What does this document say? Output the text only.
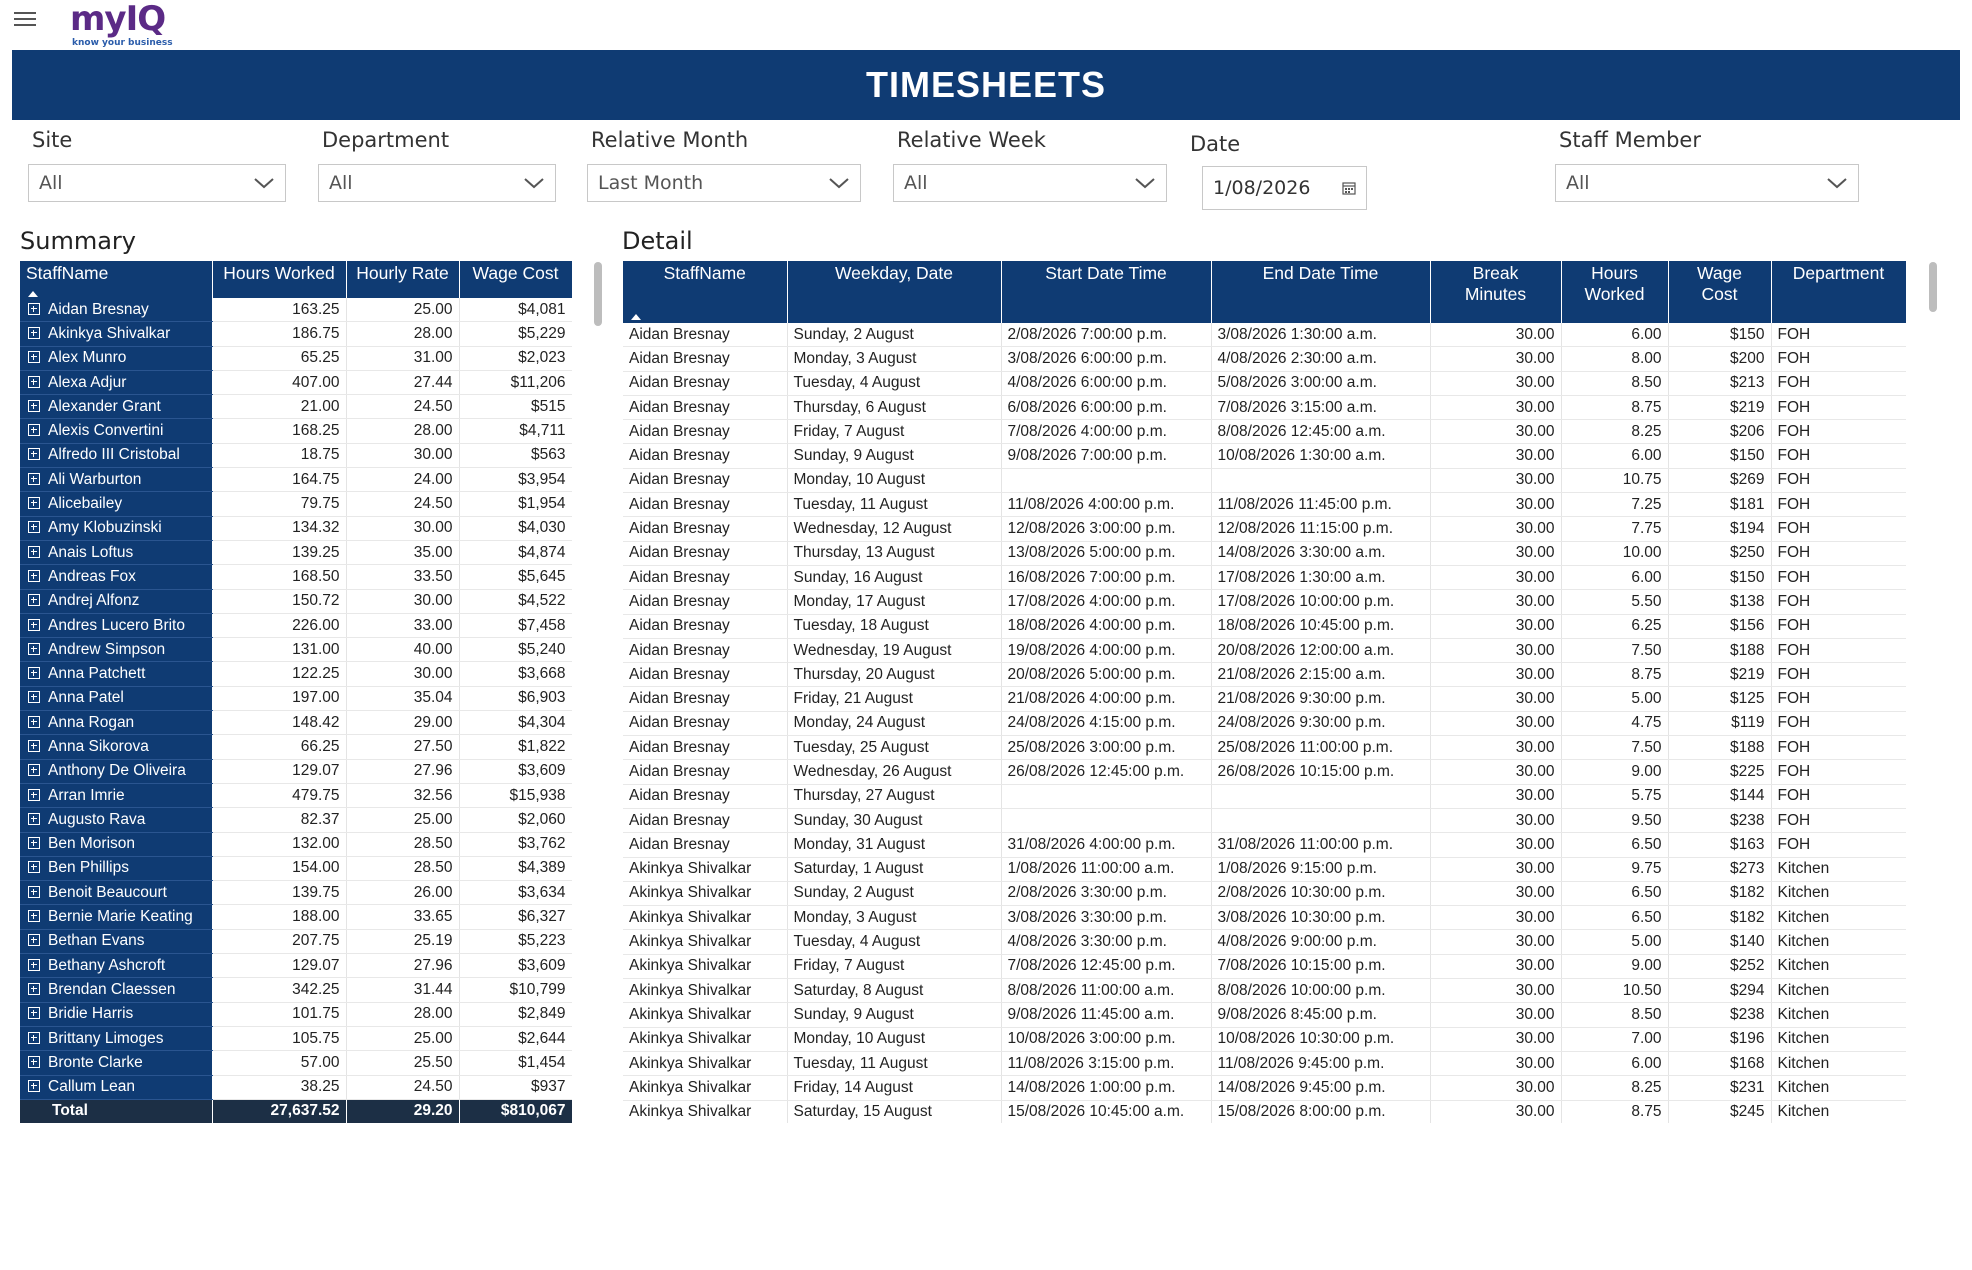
myIQ
know your business
TIMESHEETS
Site
All
Department
All
Relative Month
Last Month
Relative Week
All
Date
1/08/2026
Staff Member
All
Summary	Detail
StaffName	Hours Worked	Hourly Rate	Wage Cost
Aidan Bresnay	163.25	25.00	$4,081
Akinkya Shivalkar	186.75	28.00	$5,229
Alex Munro	65.25	31.00	$2,023
Alexa Adjur	407.00	27.44	$11,206
Alexander Grant	21.00	24.50	$515
Alexis Convertini	168.25	28.00	$4,711
Alfredo III Cristobal	18.75	30.00	$563
Ali Warburton	164.75	24.00	$3,954
Alicebailey	79.75	24.50	$1,954
Amy Klobuzinski	134.32	30.00	$4,030
Anais Loftus	139.25	35.00	$4,874
Andreas Fox	168.50	33.50	$5,645
Andrej Alfonz	150.72	30.00	$4,522
Andres Lucero Brito	226.00	33.00	$7,458
Andrew Simpson	131.00	40.00	$5,240
Anna Patchett	122.25	30.00	$3,668
Anna Patel	197.00	35.04	$6,903
Anna Rogan	148.42	29.00	$4,304
Anna Sikorova	66.25	27.50	$1,822
Anthony De Oliveira	129.07	27.96	$3,609
Arran Imrie	479.75	32.56	$15,938
Augusto Rava	82.37	25.00	$2,060
Ben Morison	132.00	28.50	$3,762
Ben Phillips	154.00	28.50	$4,389
Benoit Beaucourt	139.75	26.00	$3,634
Bernie Marie Keating	188.00	33.65	$6,327
Bethan Evans	207.75	25.19	$5,223
Bethany Ashcroft	129.07	27.96	$3,609
Brendan Claessen	342.25	31.44	$10,799
Bridie Harris	101.75	28.00	$2,849
Brittany Limoges	105.75	25.00	$2,644
Bronte Clarke	57.00	25.50	$1,454
Callum Lean	38.25	24.50	$937
Total	27,637.52	29.20	$810,067
StaffName	Weekday, Date	Start Date Time	End Date Time	Break Minutes	Hours Worked	Wage Cost	Department
Aidan Bresnay	Sunday, 2 August	2/08/2026 7:00:00 p.m.	3/08/2026 1:30:00 a.m.	30.00	6.00	$150	FOH
Aidan Bresnay	Monday, 3 August	3/08/2026 6:00:00 p.m.	4/08/2026 2:30:00 a.m.	30.00	8.00	$200	FOH
Aidan Bresnay	Tuesday, 4 August	4/08/2026 6:00:00 p.m.	5/08/2026 3:00:00 a.m.	30.00	8.50	$213	FOH
Aidan Bresnay	Thursday, 6 August	6/08/2026 6:00:00 p.m.	7/08/2026 3:15:00 a.m.	30.00	8.75	$219	FOH
Aidan Bresnay	Friday, 7 August	7/08/2026 4:00:00 p.m.	8/08/2026 12:45:00 a.m.	30.00	8.25	$206	FOH
Aidan Bresnay	Sunday, 9 August	9/08/2026 7:00:00 p.m.	10/08/2026 1:30:00 a.m.	30.00	6.00	$150	FOH
Aidan Bresnay	Monday, 10 August			30.00	10.75	$269	FOH
Aidan Bresnay	Tuesday, 11 August	11/08/2026 4:00:00 p.m.	11/08/2026 11:45:00 p.m.	30.00	7.25	$181	FOH
Aidan Bresnay	Wednesday, 12 August	12/08/2026 3:00:00 p.m.	12/08/2026 11:15:00 p.m.	30.00	7.75	$194	FOH
Aidan Bresnay	Thursday, 13 August	13/08/2026 5:00:00 p.m.	14/08/2026 3:30:00 a.m.	30.00	10.00	$250	FOH
Aidan Bresnay	Sunday, 16 August	16/08/2026 7:00:00 p.m.	17/08/2026 1:30:00 a.m.	30.00	6.00	$150	FOH
Aidan Bresnay	Monday, 17 August	17/08/2026 4:00:00 p.m.	17/08/2026 10:00:00 p.m.	30.00	5.50	$138	FOH
Aidan Bresnay	Tuesday, 18 August	18/08/2026 4:00:00 p.m.	18/08/2026 10:45:00 p.m.	30.00	6.25	$156	FOH
Aidan Bresnay	Wednesday, 19 August	19/08/2026 4:00:00 p.m.	20/08/2026 12:00:00 a.m.	30.00	7.50	$188	FOH
Aidan Bresnay	Thursday, 20 August	20/08/2026 5:00:00 p.m.	21/08/2026 2:15:00 a.m.	30.00	8.75	$219	FOH
Aidan Bresnay	Friday, 21 August	21/08/2026 4:00:00 p.m.	21/08/2026 9:30:00 p.m.	30.00	5.00	$125	FOH
Aidan Bresnay	Monday, 24 August	24/08/2026 4:15:00 p.m.	24/08/2026 9:30:00 p.m.	30.00	4.75	$119	FOH
Aidan Bresnay	Tuesday, 25 August	25/08/2026 3:00:00 p.m.	25/08/2026 11:00:00 p.m.	30.00	7.50	$188	FOH
Aidan Bresnay	Wednesday, 26 August	26/08/2026 12:45:00 p.m.	26/08/2026 10:15:00 p.m.	30.00	9.00	$225	FOH
Aidan Bresnay	Thursday, 27 August			30.00	5.75	$144	FOH
Aidan Bresnay	Sunday, 30 August			30.00	9.50	$238	FOH
Aidan Bresnay	Monday, 31 August	31/08/2026 4:00:00 p.m.	31/08/2026 11:00:00 p.m.	30.00	6.50	$163	FOH
Akinkya Shivalkar	Saturday, 1 August	1/08/2026 11:00:00 a.m.	1/08/2026 9:15:00 p.m.	30.00	9.75	$273	Kitchen
Akinkya Shivalkar	Sunday, 2 August	2/08/2026 3:30:00 p.m.	2/08/2026 10:30:00 p.m.	30.00	6.50	$182	Kitchen
Akinkya Shivalkar	Monday, 3 August	3/08/2026 3:30:00 p.m.	3/08/2026 10:30:00 p.m.	30.00	6.50	$182	Kitchen
Akinkya Shivalkar	Tuesday, 4 August	4/08/2026 3:30:00 p.m.	4/08/2026 9:00:00 p.m.	30.00	5.00	$140	Kitchen
Akinkya Shivalkar	Friday, 7 August	7/08/2026 12:45:00 p.m.	7/08/2026 10:15:00 p.m.	30.00	9.00	$252	Kitchen
Akinkya Shivalkar	Saturday, 8 August	8/08/2026 11:00:00 a.m.	8/08/2026 10:00:00 p.m.	30.00	10.50	$294	Kitchen
Akinkya Shivalkar	Sunday, 9 August	9/08/2026 11:45:00 a.m.	9/08/2026 8:45:00 p.m.	30.00	8.50	$238	Kitchen
Akinkya Shivalkar	Monday, 10 August	10/08/2026 3:00:00 p.m.	10/08/2026 10:30:00 p.m.	30.00	7.00	$196	Kitchen
Akinkya Shivalkar	Tuesday, 11 August	11/08/2026 3:15:00 p.m.	11/08/2026 9:45:00 p.m.	30.00	6.00	$168	Kitchen
Akinkya Shivalkar	Friday, 14 August	14/08/2026 1:00:00 p.m.	14/08/2026 9:45:00 p.m.	30.00	8.25	$231	Kitchen
Akinkya Shivalkar	Saturday, 15 August	15/08/2026 10:45:00 a.m.	15/08/2026 8:00:00 p.m.	30.00	8.75	$245	Kitchen
